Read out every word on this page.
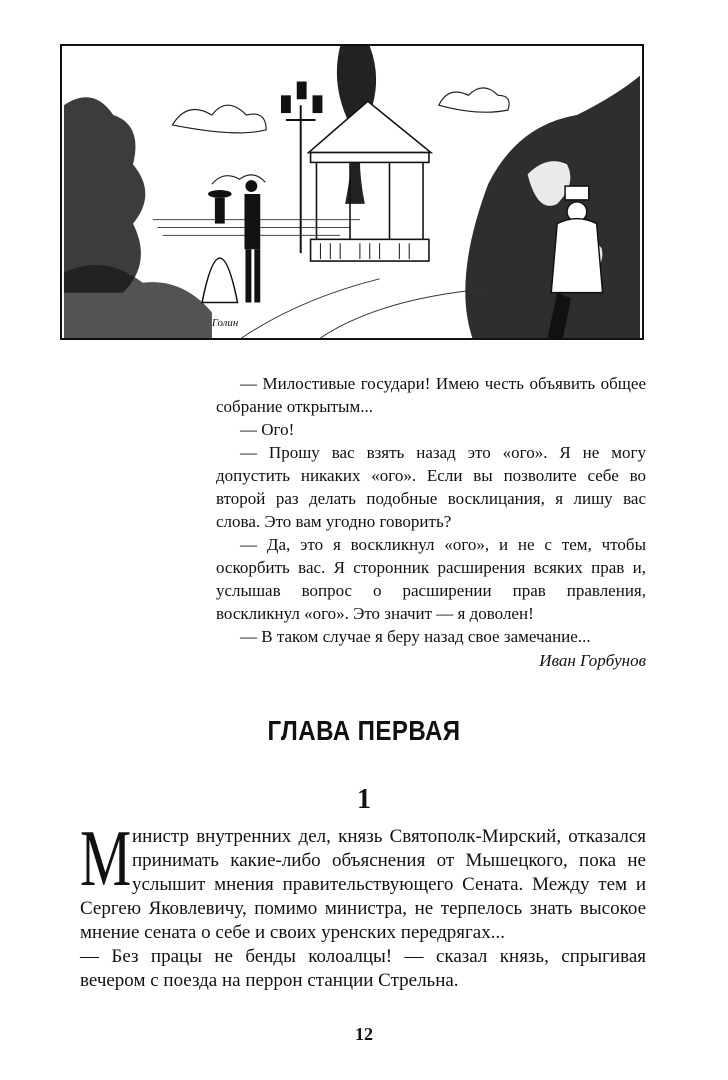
Голин

— Милостивые государи! Имею честь объявить общее собрание открытым...

— Ого!

— Прошу вас взять назад это «ого». Я не могу допустить никаких «ого». Если вы позволите себе во второй раз делать подобные восклицания, я лишу вас слова. Это вам угодно говорить?

— Да, это я воскликнул «ого», и не с тем, чтобы оскорбить вас. Я сторонник расширения всяких прав и, услышав вопрос о расширении прав правления, воскликнул «ого». Это значит — я доволен!

— В таком случае я беру назад свое замечание...

Иван Горбунов

ГЛАВА ПЕРВАЯ
1

Министр внутренних дел, князь Святополк-Мирский, отказался принимать какие-либо объяснения от Мышецкого, пока не услышит мнения правительствующего Сената. Между тем и Сергею Яковлевичу, помимо министра, не терпелось знать высокое мнение сената о себе и своих уренских передрягах...

— Без працы не бенды колоалцы! — сказал князь, спрыгивая вечером с поезда на перрон станции Стрельна.

12
